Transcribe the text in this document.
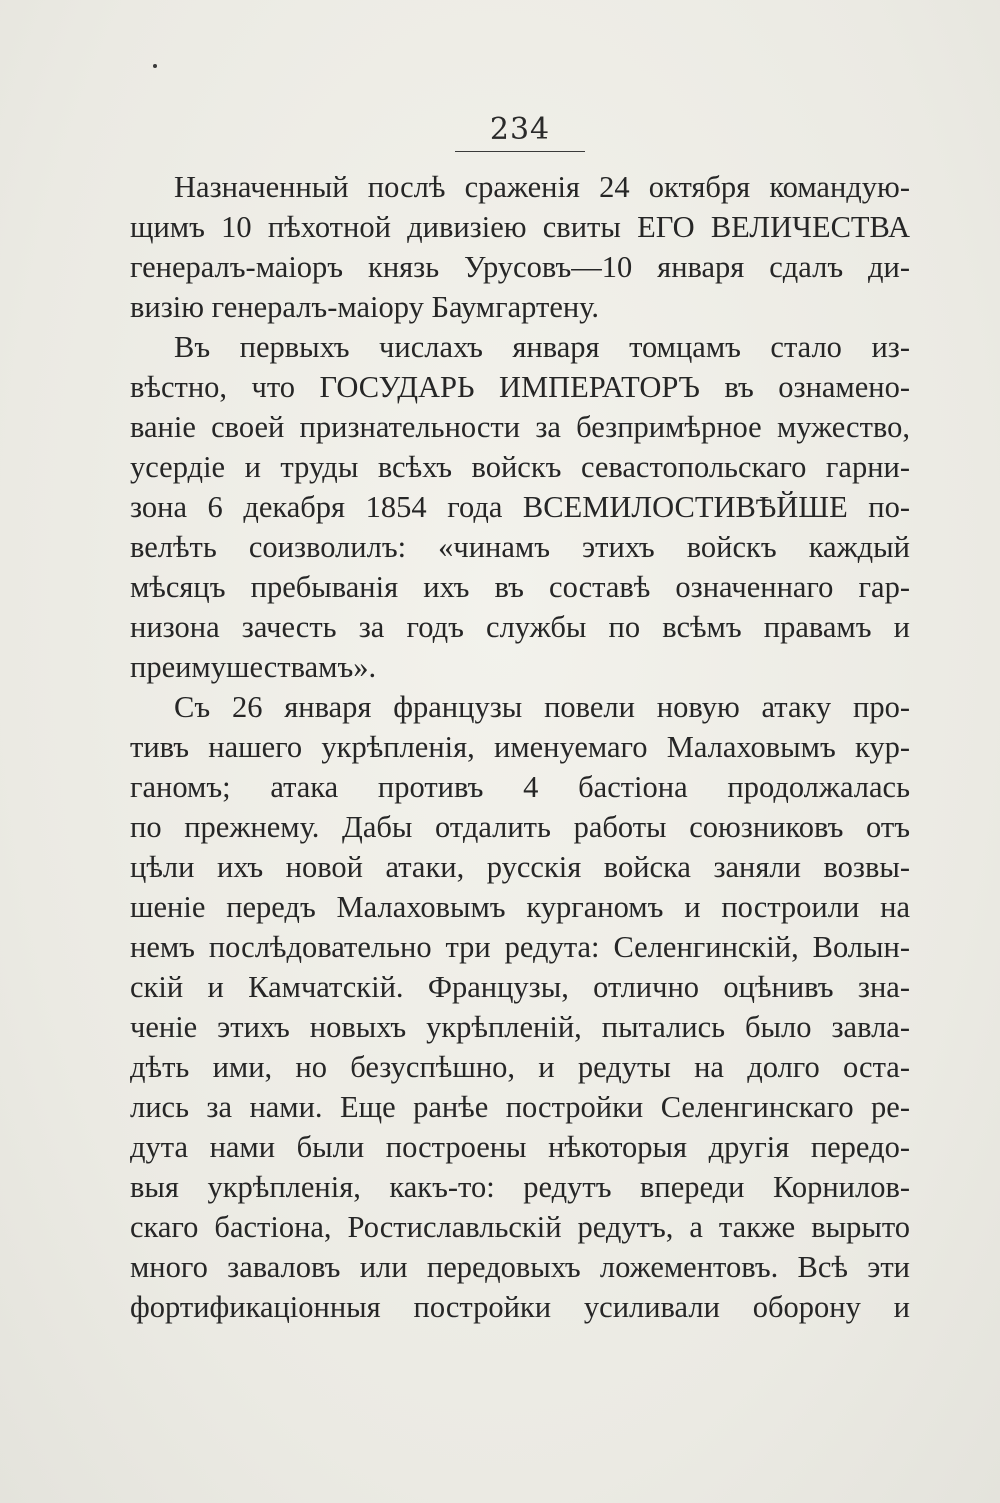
234
Назначенный послѣ сраженія 24 октября командую-
щимъ 10 пѣхотной дивизіею свиты ЕГО ВЕЛИЧЕСТВА
генералъ-маіоръ князь Урусовъ—10 января сдалъ ди-
визію генералъ-маіору Баумгартену.
Въ первыхъ числахъ января томцамъ стало из-
вѣстно, что ГОСУДАРЬ ИМПЕРАТОРЪ въ ознамено-
ваніе своей признательности за безпримѣрное мужество,
усердіе и труды всѣхъ войскъ севастопольскаго гарни-
зона 6 декабря 1854 года ВСЕМИЛОСТИВѢЙШЕ по-
велѣть соизволилъ: «чинамъ этихъ войскъ каждый
мѣсяцъ пребыванія ихъ въ составѣ означеннаго гар-
низона зачесть за годъ службы по всѣмъ правамъ и
преимушествамъ».
Съ 26 января французы повели новую атаку про-
тивъ нашего укрѣпленія, именуемаго Малаховымъ кур-
ганомъ; атака противъ 4 бастіона продолжалась
по прежнему. Дабы отдалить работы союзниковъ отъ
цѣли ихъ новой атаки, русскія войска заняли возвы-
шеніе передъ Малаховымъ курганомъ и построили на
немъ послѣдовательно три редута: Селенгинскій, Волын-
скій и Камчатскій. Французы, отлично оцѣнивъ зна-
ченіе этихъ новыхъ укрѣпленій, пытались было завла-
дѣть ими, но безуспѣшно, и редуты на долго оста-
лись за нами. Еще ранѣе постройки Селенгинскаго ре-
дута нами были построены нѣкоторыя другія передо-
выя укрѣпленія, какъ-то: редутъ впереди Корнилов-
скаго бастіона, Ростиславльскій редутъ, а также вырыто
много заваловъ или передовыхъ ложементовъ. Всѣ эти
фортификаціонныя постройки усиливали оборону и
